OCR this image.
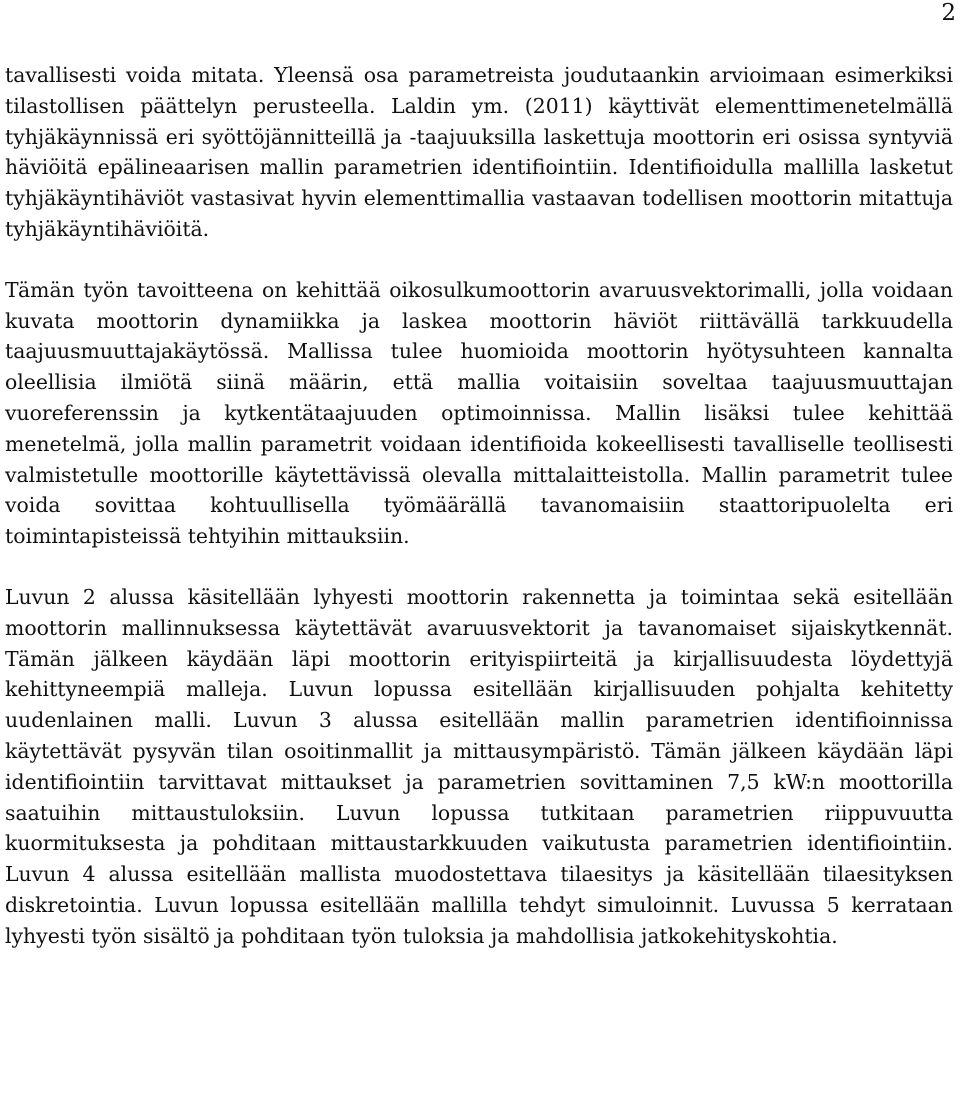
2

tavallisesti voida mitata. Yleensä osa parametreista joudutaankin arvioimaan esimerkiksi tilastollisen päättelyn perusteella. Laldin ym. (2011) käyttivät elementtimenetelmällä tyhjäkäynnissä eri syöttöjännitteillä ja -taajuuksilla laskettuja moottorin eri osissa syntyviä häviöitä epälineaarisen mallin parametrien identifiointiin. Identifioidulla mallilla lasketut tyhjäkäyntihäviöt vastasivat hyvin elementtimallia vastaavan todellisen moottorin mitattuja tyhjäkäyntihäviöitä.

Tämän työn tavoitteena on kehittää oikosulkumoottorin avaruusvektorimalli, jolla voidaan kuvata moottorin dynamiikka ja laskea moottorin häviöt riittävällä tarkkuudella taajuusmuuttajakäytössä. Mallissa tulee huomioida moottorin hyötysuhteen kannalta oleellisia ilmiötä siinä määrin, että mallia voitaisiin soveltaa taajuusmuuttajan vuoreferenssin ja kytkentätaajuuden optimoinnissa. Mallin lisäksi tulee kehittää menetelmä, jolla mallin parametrit voidaan identifioida kokeellisesti tavalliselle teollisesti valmistetulle moottorille käytettävissä olevalla mittalaitteistolla. Mallin parametrit tulee voida sovittaa kohtuullisella työmäärällä tavanomaisiin staattoripuolelta eri toimintapisteissä tehtyihin mittauksiin.

Luvun 2 alussa käsitellään lyhyesti moottorin rakennetta ja toimintaa sekä esitellään moottorin mallinnuksessa käytettävät avaruusvektorit ja tavanomaiset sijaiskytkennät. Tämän jälkeen käydään läpi moottorin erityispiirteitä ja kirjallisuudesta löydettyjä kehittyneempiä malleja. Luvun lopussa esitellään kirjallisuuden pohjalta kehitetty uudenlainen malli. Luvun 3 alussa esitellään mallin parametrien identifioinnissa käytettävät pysyvän tilan osoitinmallit ja mittausympäristö. Tämän jälkeen käydään läpi identifiointiin tarvittavat mittaukset ja parametrien sovittaminen 7,5 kW:n moottorilla saatuihin mittaustuloksiin. Luvun lopussa tutkitaan parametrien riippuvuutta kuormituksesta ja pohditaan mittaustarkkuuden vaikutusta parametrien identifiointiin. Luvun 4 alussa esitellään mallista muodostettava tilaesitys ja käsitellään tilaesityksen diskretointia. Luvun lopussa esitellään mallilla tehdyt simuloinnit. Luvussa 5 kerrataan lyhyesti työn sisältö ja pohditaan työn tuloksia ja mahdollisia jatkokehityskohtia.
